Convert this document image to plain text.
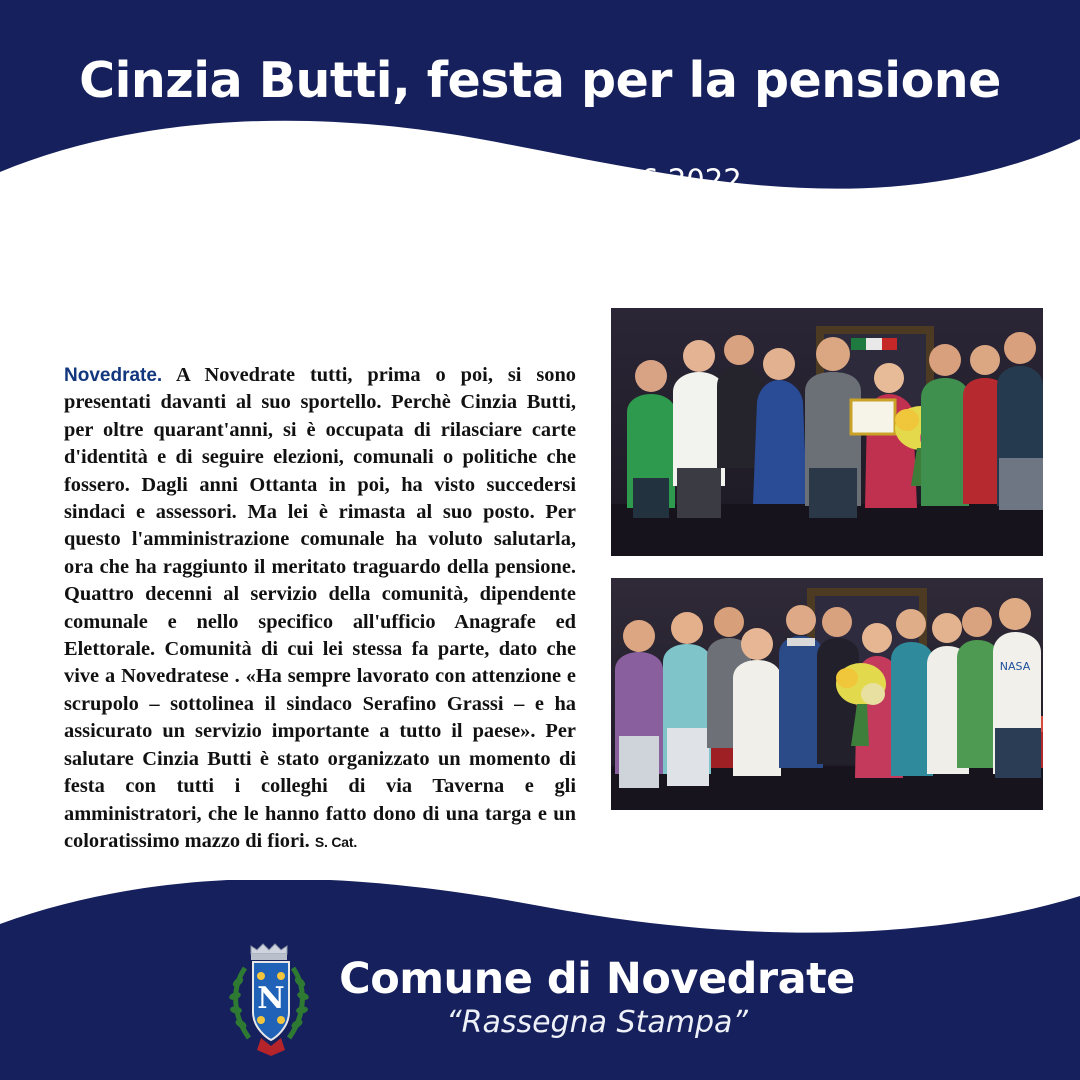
Cinzia Butti, festa per la pensione
La Provincia del 19.06.2022

Novedrate. A Novedrate tutti, prima o poi, si sono presentati davanti al suo sportello. Perchè Cinzia Butti, per oltre quarant'anni, si è occupata di rilasciare carte d'identità e di seguire elezioni, comunali o politiche che fossero. Dagli anni Ottanta in poi, ha visto succedersi sindaci e assessori. Ma lei è rimasta al suo posto. Per questo l'amministrazione comunale ha voluto salutarla, ora che ha raggiunto il meritato traguardo della pensione. Quattro decenni al servizio della comunità, dipendente comunale e nello specifico all'ufficio Anagrafe ed Elettorale. Comunità di cui lei stessa fa parte, dato che vive a Novedratese . «Ha sempre lavorato con attenzione e scrupolo – sottolinea il sindaco Serafino Grassi – e ha assicurato un servizio importante a tutto il paese». Per salutare Cinzia Butti è stato organizzato un momento di festa con tutti i colleghi di via Taverna e gli amministratori, che le hanno fatto dono di una targa e un coloratissimo mazzo di fiori. S. Cat.

NASA
N Comune di Novedrate
“Rassegna Stampa”
